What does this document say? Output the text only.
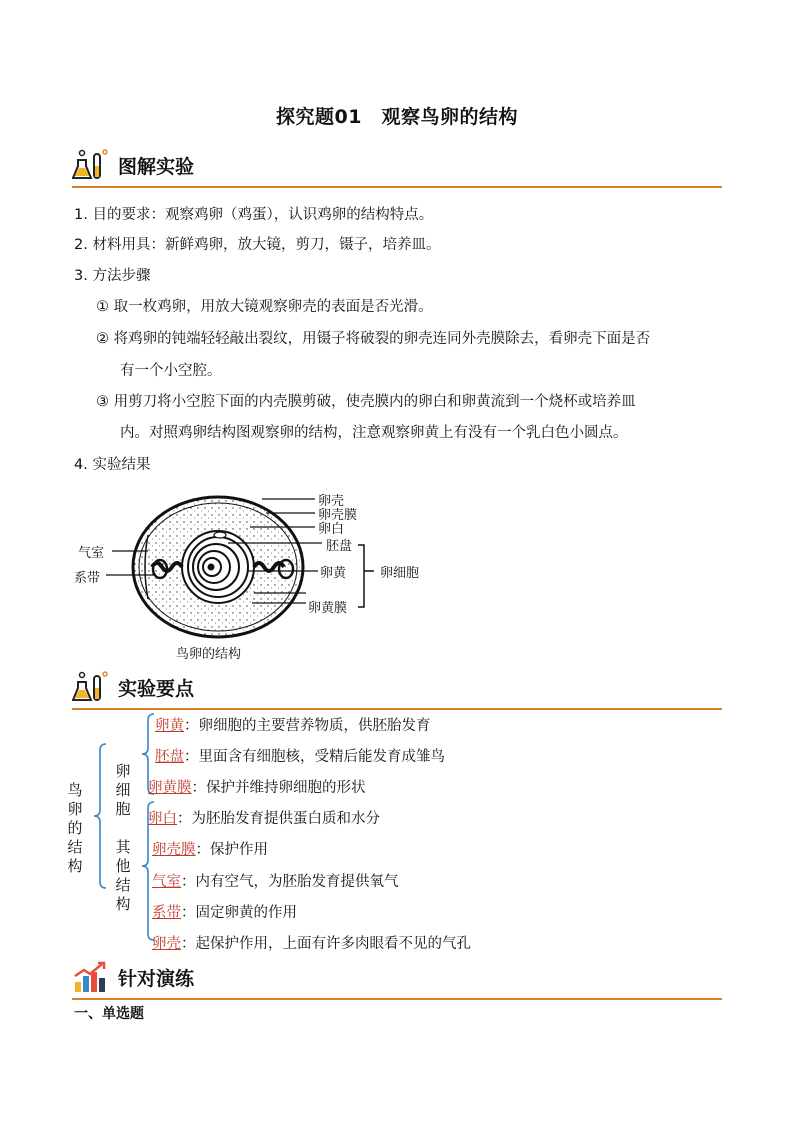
探究题01　观察鸟卵的结构
图解实验
1. 目的要求：观察鸡卵（鸡蛋），认识鸡卵的结构特点。
2. 材料用具：新鲜鸡卵，放大镜，剪刀，镊子，培养皿。
3. 方法步骤
① 取一枚鸡卵，用放大镜观察卵壳的表面是否光滑。
② 将鸡卵的钝端轻轻敲出裂纹，用镊子将破裂的卵壳连同外壳膜除去，看卵壳下面是否
有一个小空腔。
③ 用剪刀将小空腔下面的内壳膜剪破，使壳膜内的卵白和卵黄流到一个烧杯或培养皿
内。对照鸡卵结构图观察卵的结构，注意观察卵黄上有没有一个乳白色小圆点。
4. 实验结果
卵壳
卵壳膜
卵白
胚盘
卵黄
卵黄膜
卵细胞
气室
系带
鸟卵的结构
实验要点
鸟卵的结构
卵细胞
其他结构
卵黄：卵细胞的主要营养物质，供胚胎发育
胚盘：里面含有细胞核，受精后能发育成雏鸟
卵黄膜：保护并维持卵细胞的形状
卵白：为胚胎发育提供蛋白质和水分
卵壳膜：保护作用
气室：内有空气，为胚胎发育提供氧气
系带：固定卵黄的作用
卵壳：起保护作用，上面有许多肉眼看不见的气孔
针对演练
一、单选题
